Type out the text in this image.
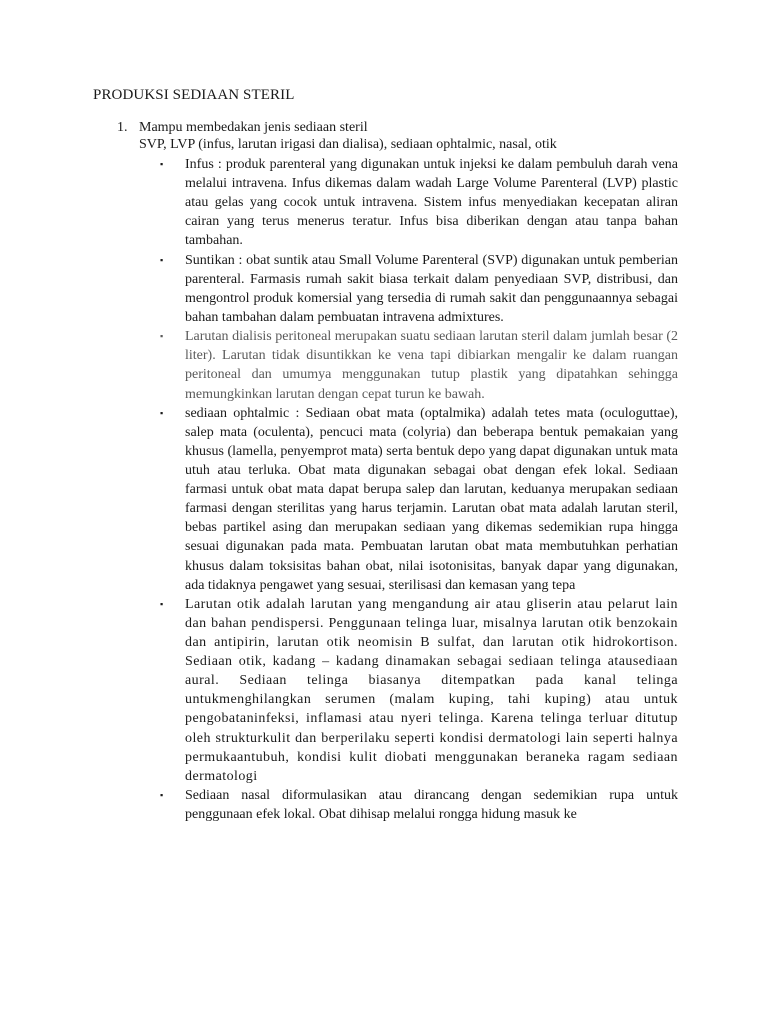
PRODUKSI SEDIAAN STERIL
1. Mampu membedakan jenis sediaan steril
SVP, LVP (infus, larutan irigasi dan dialisa), sediaan ophtalmic, nasal, otik
▪ Infus : produk parenteral yang digunakan untuk injeksi ke dalam pembuluh darah vena melalui intravena. Infus dikemas dalam wadah Large Volume Parenteral (LVP) plastic atau gelas yang cocok untuk intravena. Sistem infus menyediakan kecepatan aliran cairan yang terus menerus teratur. Infus bisa diberikan dengan atau tanpa bahan tambahan.
▪ Suntikan : obat suntik atau Small Volume Parenteral (SVP) digunakan untuk pemberian parenteral. Farmasis rumah sakit biasa terkait dalam penyediaan SVP, distribusi, dan mengontrol produk komersial yang tersedia di rumah sakit dan penggunaannya sebagai bahan tambahan dalam pembuatan intravena admixtures.
▪ Larutan dialisis peritoneal merupakan suatu sediaan larutan steril dalam jumlah besar (2 liter). Larutan tidak disuntikkan ke vena tapi dibiarkan mengalir ke dalam ruangan peritoneal dan umumya menggunakan tutup plastik yang dipatahkan sehingga memungkinkan larutan dengan cepat turun ke bawah.
▪ sediaan ophtalmic : Sediaan obat mata (optalmika) adalah tetes mata (oculoguttae), salep mata (oculenta), pencuci mata (colyria) dan beberapa bentuk pemakaian yang khusus (lamella, penyemprot mata) serta bentuk depo yang dapat digunakan untuk mata utuh atau terluka. Obat mata digunakan sebagai obat dengan efek lokal. Sediaan farmasi untuk obat mata dapat berupa salep dan larutan, keduanya merupakan sediaan farmasi dengan sterilitas yang harus terjamin. Larutan obat mata adalah larutan steril, bebas partikel asing dan merupakan sediaan yang dikemas sedemikian rupa hingga sesuai digunakan pada mata. Pembuatan larutan obat mata membutuhkan perhatian khusus dalam toksisitas bahan obat, nilai isotonisitas, banyak dapar yang digunakan, ada tidaknya pengawet yang sesuai, sterilisasi dan kemasan yang tepa
▪ Larutan otik adalah larutan yang mengandung air atau gliserin atau pelarut lain dan bahan pendispersi. Penggunaan telinga luar, misalnya larutan otik benzokain dan antipirin, larutan otik neomisin B sulfat, dan larutan otik hidrokortison. Sediaan otik, kadang – kadang dinamakan sebagai sediaan telinga atausediaan aural. Sediaan telinga biasanya ditempatkan pada kanal telinga untukmenghilangkan serumen (malam kuping, tahi kuping) atau untuk pengobataninfeksi, inflamasi atau nyeri telinga. Karena telinga terluar ditutup oleh strukturkulit dan berperilaku seperti kondisi dermatologi lain seperti halnya permukaantubuh, kondisi kulit diobati menggunakan beraneka ragam sediaan dermatologi
▪ Sediaan nasal diformulasikan atau dirancang dengan sedemikian rupa untuk penggunaan efek lokal. Obat dihisap melalui rongga hidung masuk ke
